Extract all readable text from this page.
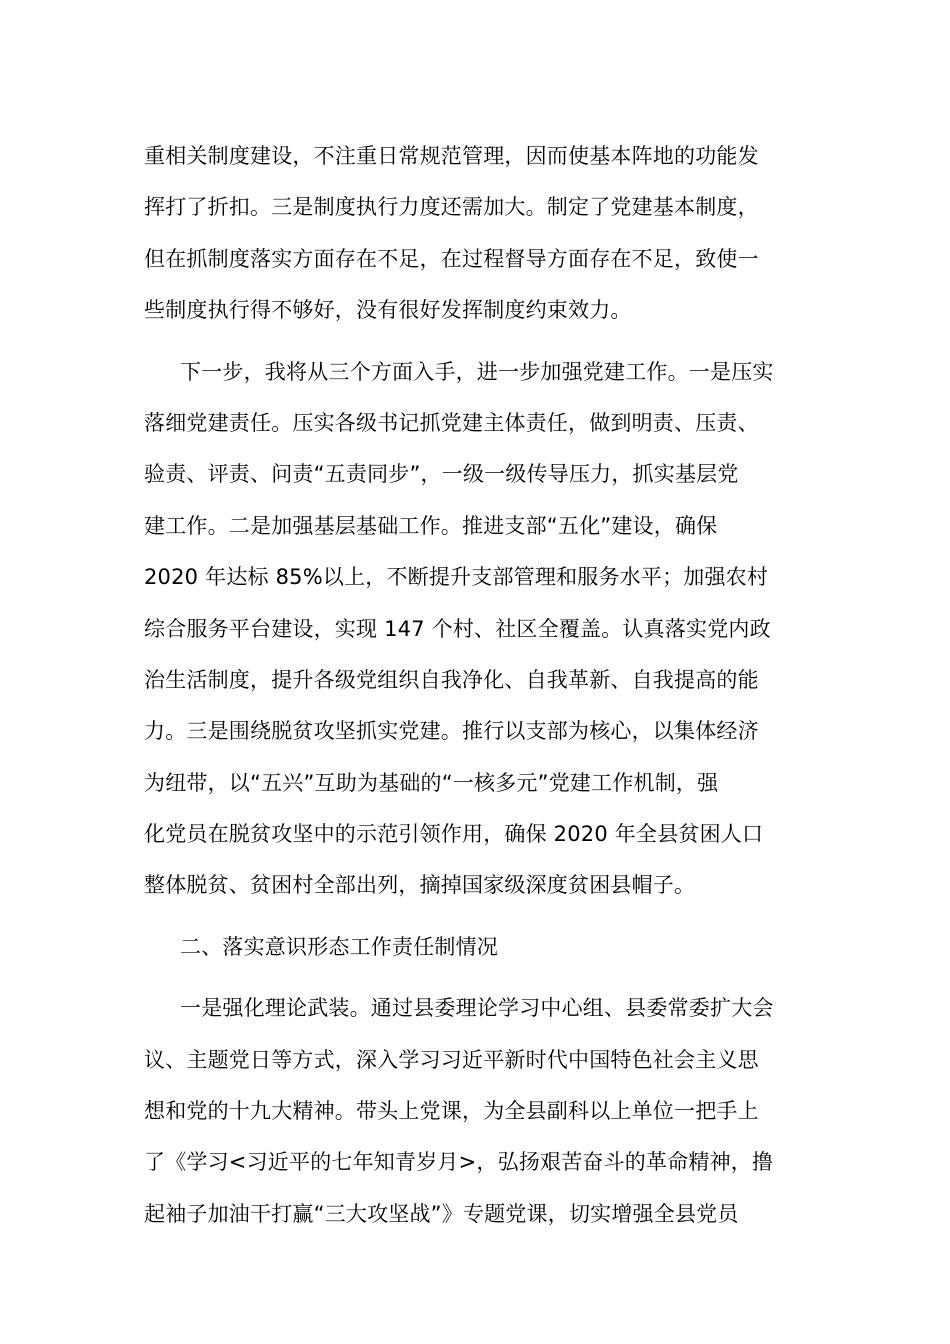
重相关制度建设，不注重日常规范管理，因而使基本阵地的功能发
挥打了折扣。三是制度执行力度还需加大。制定了党建基本制度，
但在抓制度落实方面存在不足，在过程督导方面存在不足，致使一
些制度执行得不够好，没有很好发挥制度约束效力。
下一步，我将从三个方面入手，进一步加强党建工作。一是压实
落细党建责任。压实各级书记抓党建主体责任，做到明责、压责、
验责、评责、问责“五责同步”，一级一级传导压力，抓实基层党
建工作。二是加强基层基础工作。推进支部“五化”建设，确保
2020 年达标 85%以上，不断提升支部管理和服务水平；加强农村
综合服务平台建设，实现 147 个村、社区全覆盖。认真落实党内政
治生活制度，提升各级党组织自我净化、自我革新、自我提高的能
力。三是围绕脱贫攻坚抓实党建。推行以支部为核心，以集体经济
为纽带，以“五兴”互助为基础的“一核多元”党建工作机制，强
化党员在脱贫攻坚中的示范引领作用，确保 2020 年全县贫困人口
整体脱贫、贫困村全部出列，摘掉国家级深度贫困县帽子。
二、落实意识形态工作责任制情况
一是强化理论武装。通过县委理论学习中心组、县委常委扩大会
议、主题党日等方式，深入学习习近平新时代中国特色社会主义思
想和党的十九大精神。带头上党课，为全县副科以上单位一把手上
了《学习<习近平的七年知青岁月>，弘扬艰苦奋斗的革命精神，撸
起袖子加油干打赢“三大攻坚战”》专题党课，切实增强全县党员
